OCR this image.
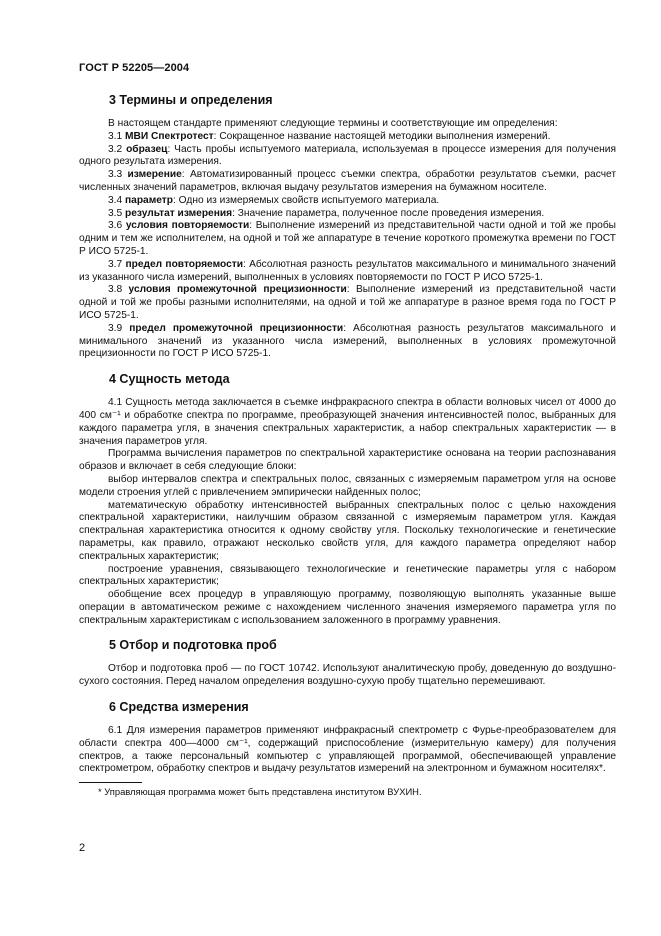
ГОСТ Р 52205—2004
3 Термины и определения

В настоящем стандарте применяют следующие термины и соответствующие им определения:

3.1 МВИ Спектротест: Сокращенное название настоящей методики выполнения измерений.

3.2 образец: Часть пробы испытуемого материала, используемая в процессе измерения для получения одного результата измерения.

3.3 измерение: Автоматизированный процесс съемки спектра, обработки результатов съемки, расчет численных значений параметров, включая выдачу результатов измерения на бумажном носителе.

3.4 параметр: Одно из измеряемых свойств испытуемого материала.

3.5 результат измерения: Значение параметра, полученное после проведения измерения.

3.6 условия повторяемости: Выполнение измерений из представительной части одной и той же пробы одним и тем же исполнителем, на одной и той же аппаратуре в течение короткого промежутка времени по ГОСТ Р ИСО 5725-1.

3.7 предел повторяемости: Абсолютная разность результатов максимального и минимального значений из указанного числа измерений, выполненных в условиях повторяемости по ГОСТ Р ИСО 5725-1.

3.8 условия промежуточной прецизионности: Выполнение измерений из представительной части одной и той же пробы разными исполнителями, на одной и той же аппаратуре в разное время года по ГОСТ Р ИСО 5725-1.

3.9 предел промежуточной прецизионности: Абсолютная разность результатов максимального и минимального значений из указанного числа измерений, выполненных в условиях промежуточной прецизионности по ГОСТ Р ИСО 5725-1.

4 Сущность метода

4.1 Сущность метода заключается в съемке инфракрасного спектра в области волновых чисел от 4000 до 400 см⁻¹ и обработке спектра по программе, преобразующей значения интенсивностей полос, выбранных для каждого параметра угля, в значения спектральных характеристик, а набор спектральных характеристик — в значения параметров угля.

Программа вычисления параметров по спектральной характеристике основана на теории распознавания образов и включает в себя следующие блоки:

выбор интервалов спектра и спектральных полос, связанных с измеряемым параметром угля на основе модели строения углей с привлечением эмпирически найденных полос;

математическую обработку интенсивностей выбранных спектральных полос с целью нахождения спектральной характеристики, наилучшим образом связанной с измеряемым параметром угля. Каждая спектральная характеристика относится к одному свойству угля. Поскольку технологические и генетические параметры, как правило, отражают несколько свойств угля, для каждого параметра определяют набор спектральных характеристик;

построение уравнения, связывающего технологические и генетические параметры угля с набором спектральных характеристик;

обобщение всех процедур в управляющую программу, позволяющую выполнять указанные выше операции в автоматическом режиме с нахождением численного значения измеряемого параметра угля по спектральным характеристикам с использованием заложенного в программу уравнения.

5 Отбор и подготовка проб

Отбор и подготовка проб — по ГОСТ 10742. Используют аналитическую пробу, доведенную до воздушно-сухого состояния. Перед началом определения воздушно-сухую пробу тщательно перемешивают.

6 Средства измерения

6.1 Для измерения параметров применяют инфракрасный спектрометр с Фурье-преобразователем для области спектра 400—4000 см⁻¹, содержащий приспособление (измерительную камеру) для получения спектров, а также персональный компьютер с управляющей программой, обеспечивающей управление спектрометром, обработку спектров и выдачу результатов измерений на электронном и бумажном носителях*.

* Управляющая программа может быть представлена институтом ВУХИН.

2
